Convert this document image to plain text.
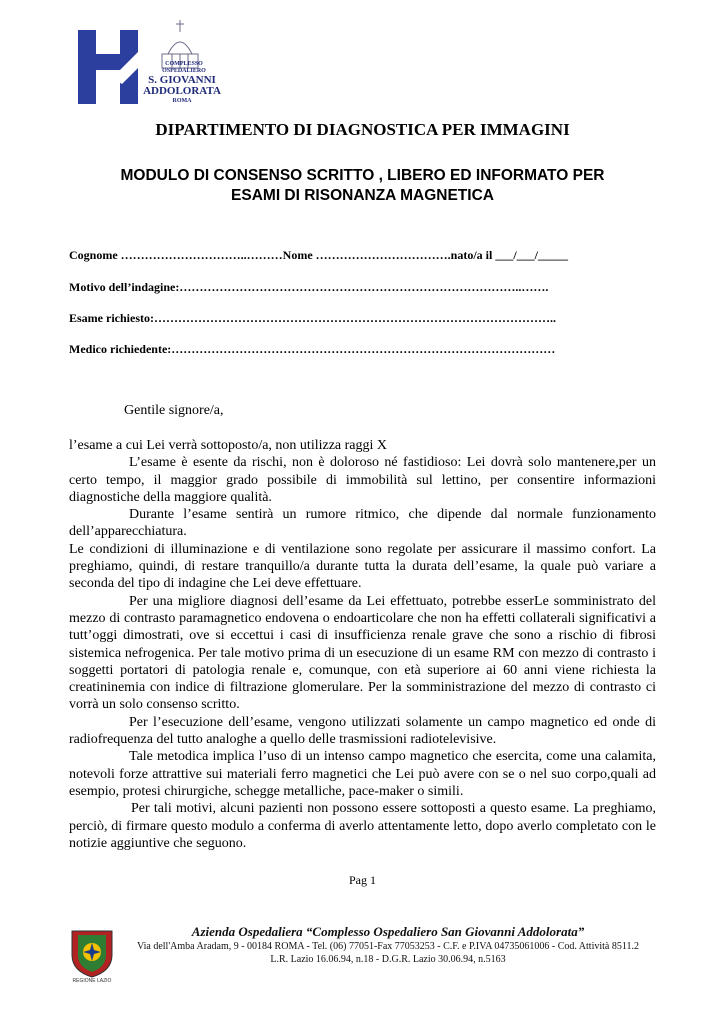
COMPLESSO
OSPEDALIERO
S. GIOVANNI
ADDOLORATA
ROMA
DIPARTIMENTO DI DIAGNOSTICA PER IMMAGINI
MODULO DI CONSENSO SCRITTO , LIBERO ED INFORMATO PER
ESAMI DI RISONANZA MAGNETICA
Cognome …………………………..………Nome …………………………….nato/a il ___/___/_____
Motivo dell’indagine:…………………………………………………………………………..…….
Esame richiesto:………………………………………………………………………………………..
Medico richiedente:……………………………………………………………………………………
Gentile signore/a,

l’esame a cui Lei verrà sottoposto/a, non utilizza raggi X

L’esame è esente da rischi, non è doloroso né fastidioso: Lei dovrà solo mantenere,per un certo tempo, il maggior grado possibile di immobilità sul lettino, per consentire informazioni diagnostiche della maggiore qualità.

Durante l’esame sentirà un rumore ritmico, che dipende dal normale funzionamento dell’apparecchiatura.

Le condizioni di illuminazione e di ventilazione sono regolate per assicurare il massimo confort. La preghiamo, quindi, di restare tranquillo/a durante tutta la durata dell’esame, la quale può variare a seconda del tipo di indagine che Lei deve effettuare.

Per una migliore diagnosi dell’esame da Lei effettuato, potrebbe esserLe somministrato del mezzo di contrasto paramagnetico endovena o endoarticolare che non ha effetti collaterali significativi a tutt’oggi dimostrati, ove si eccettui i casi di insufficienza renale grave che sono a rischio di fibrosi sistemica nefrogenica. Per tale motivo prima di un esecuzione di un esame RM con mezzo di contrasto i soggetti portatori di patologia renale e, comunque, con età superiore ai 60 anni viene richiesta la creatininemia con indice di filtrazione glomerulare. Per la somministrazione del mezzo di contrasto ci vorrà un solo consenso scritto.

Per l’esecuzione dell’esame, vengono utilizzati solamente un campo magnetico ed onde di radiofrequenza del tutto analoghe a quello delle trasmissioni radiotelevisive.

Tale metodica implica l’uso di un intenso campo magnetico che esercita, come una calamita, notevoli forze attrattive sui materiali ferro magnetici che Lei può avere con se o nel suo corpo,quali ad esempio, protesi chirurgiche, schegge metalliche, pace-maker o simili.

Per tali motivi, alcuni pazienti non possono essere sottoposti a questo esame. La preghiamo, perciò, di firmare questo modulo a conferma di averlo attentamente letto, dopo averlo completato con le notizie aggiuntive che seguono.

Pag 1
REGIONE LAZIO
Azienda Ospedaliera “Complesso Ospedaliero San Giovanni Addolorata”
Via dell'Amba Aradam, 9 - 00184 ROMA - Tel. (06) 77051-Fax 77053253 - C.F. e P.IVA 04735061006 - Cod. Attività 8511.2
L.R. Lazio 16.06.94, n.18 - D.G.R. Lazio 30.06.94, n.5163
